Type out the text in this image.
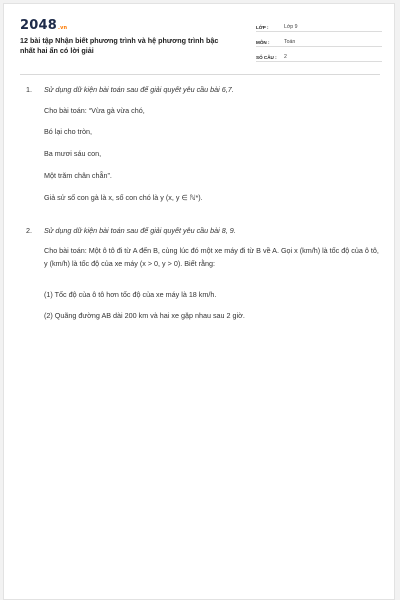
2048.vn
12 bài tập Nhận biết phương trình và hệ phương trình bậc nhất hai ẩn có lời giải
LỚP :	Lớp 9
MÔN :	Toán
SỐ CÂU :	2
1. Sử dụng dữ kiện bài toán sau để giải quyết yêu cầu bài 6,7.
Cho bài toán: “Vừa gà vừa chó,
Bó lại cho tròn,
Ba mươi sáu con,
Một trăm chân chẵn”.
Giả sử số con gà là x, số con chó là y (x, y ∈ ℕ*).
2. Sử dụng dữ kiện bài toán sau để giải quyết yêu cầu bài 8, 9.
Cho bài toán: Một ô tô đi từ A đến B, cùng lúc đó một xe máy đi từ B về A. Gọi x (km/h) là tốc độ của ô tô, y (km/h) là tốc độ của xe máy (x > 0, y > 0). Biết rằng:
(1) Tốc độ của ô tô hơn tốc độ của xe máy là 18 km/h.
(2) Quãng đường AB dài 200 km và hai xe gặp nhau sau 2 giờ.
